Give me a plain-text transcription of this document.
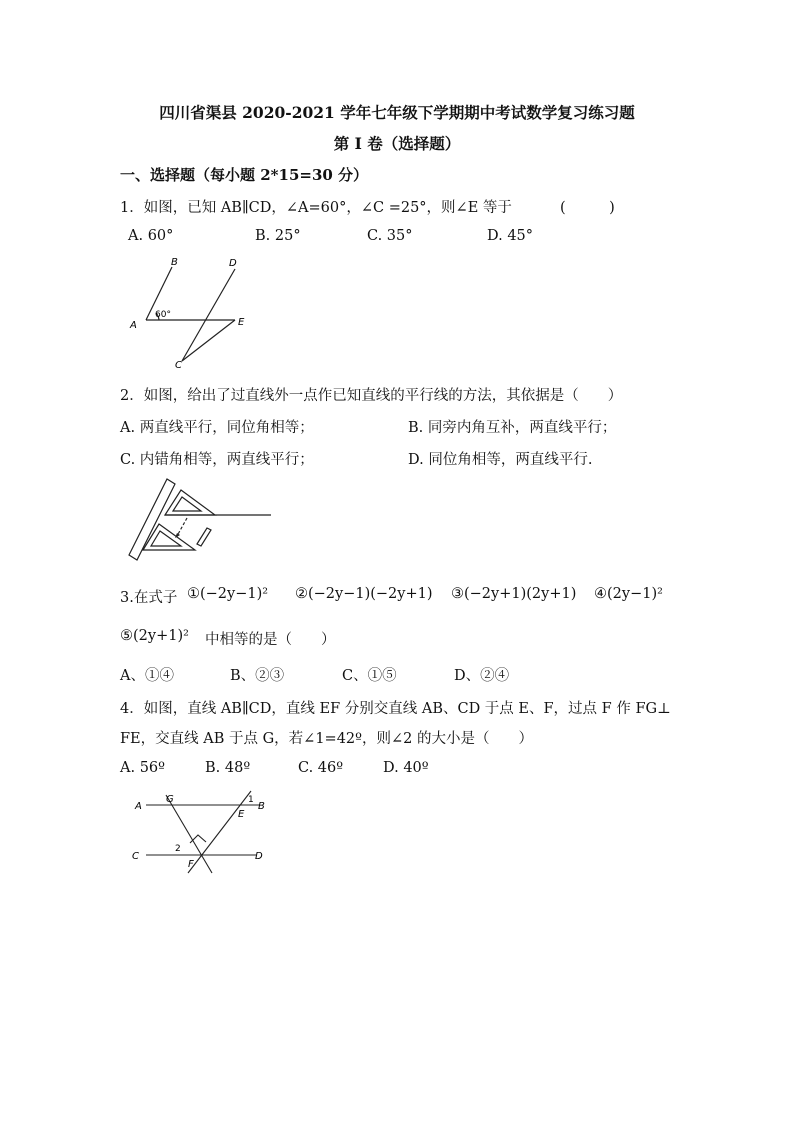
四川省渠县 2020-2021 学年七年级下学期期中考试数学复习练习题
第 I 卷（选择题）
一、选择题（每小题 2*15=30 分）
1．如图，已知 AB∥CD，∠A=60°，∠C =25°，则∠E 等于	(　　　)
A. 60°	B. 25°	C. 35°	D. 45°
B	D
A	E
C
60°
2．如图，给出了过直线外一点作已知直线的平行线的方法，其依据是（　　）
A. 两直线平行，同位角相等；	B. 同旁内角互补，两直线平行；
C. 内错角相等，两直线平行；	D. 同位角相等，两直线平行.
3.在式子 ①(−2y−1)² ②(−2y−1)(−2y+1) ③(−2y+1)(2y+1) ④(2y−1)²
⑤(2y+1)² 中相等的是（　　）
A、①④	B、②③	C、①⑤	D、②④
4．如图，直线 AB∥CD，直线 EF 分别交直线 AB、CD 于点 E、F，过点 F 作 FG⊥
FE，交直线 AB 于点 G，若∠1=42º，则∠2 的大小是（　　）
A. 56º	B. 48º	C. 46º	D. 40º
A
G	1
B
E
C
2
F
D
